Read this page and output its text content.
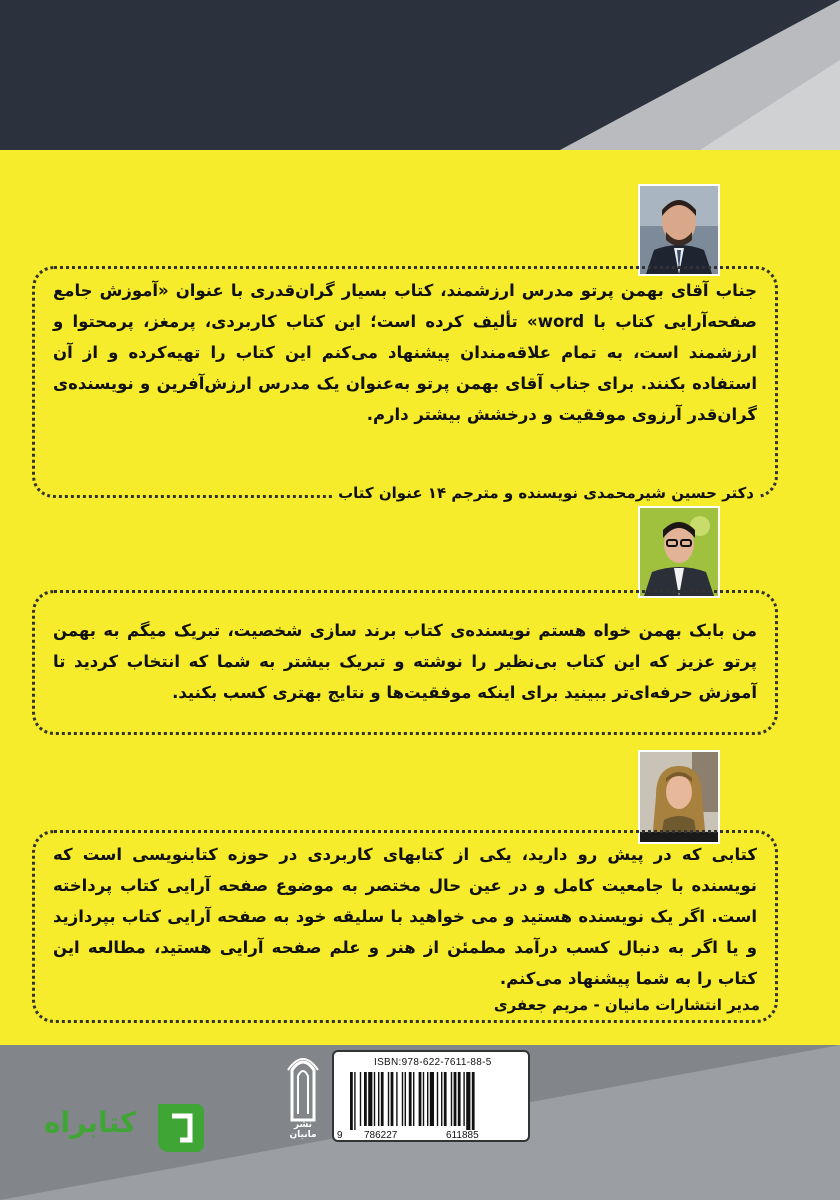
جناب آقای بهمن پرتو مدرس ارزشمند، کتاب بسیار گران‌قدری با عنوان «آموزش جامع صفحه‌آرایی کتاب با word» تألیف کرده است؛ این کتاب کاربردی، پرمغز، پرمحتوا و ارزشمند است، به تمام علاقه‌مندان پیشنهاد می‌کنم این کتاب را تهیه‌کرده و از آن استفاده بکنند. برای جناب آقای بهمن پرتو به‌عنوان یک مدرس ارزش‌آفرین و نویسنده‌ی گران‌قدر آرزوی موفقیت و درخشش بیشتر دارم.
دکتر حسین شیرمحمدی نویسنده و مترجم ۱۴ عنوان کتاب
من بابک بهمن خواه هستم نویسنده‌ی کتاب برند سازی شخصیت، تبریک میگم به بهمن پرتو عزیز که این کتاب بی‌نظیر را نوشته و تبریک بیشتر به شما که انتخاب کردید تا آموزش حرفه‌ای‌تر ببینید برای اینکه موفقیت‌ها و نتایج بهتری کسب بکنید.
کتابی که در پیش رو دارید، یکی از کتابهای کاربردی در حوزه کتابنویسی است که نویسنده با جامعیت کامل و در عین حال مختصر به موضوع صفحه آرایی کتاب پرداخته است. اگر یک نویسنده هستید و می خواهید با سلیقه خود به صفحه آرایی کتاب بپردازید و یا اگر به دنبال کسب درآمد مطمئن از هنر و علم صفحه آرایی هستید، مطالعه این کتاب را به شما پیشنهاد می‌کنم.
مدیر انتشارات مانیان - مریم جعفری
نشر
مانیان
ISBN:978-622-7611-88-5
9 786227	611885
کتابراه
